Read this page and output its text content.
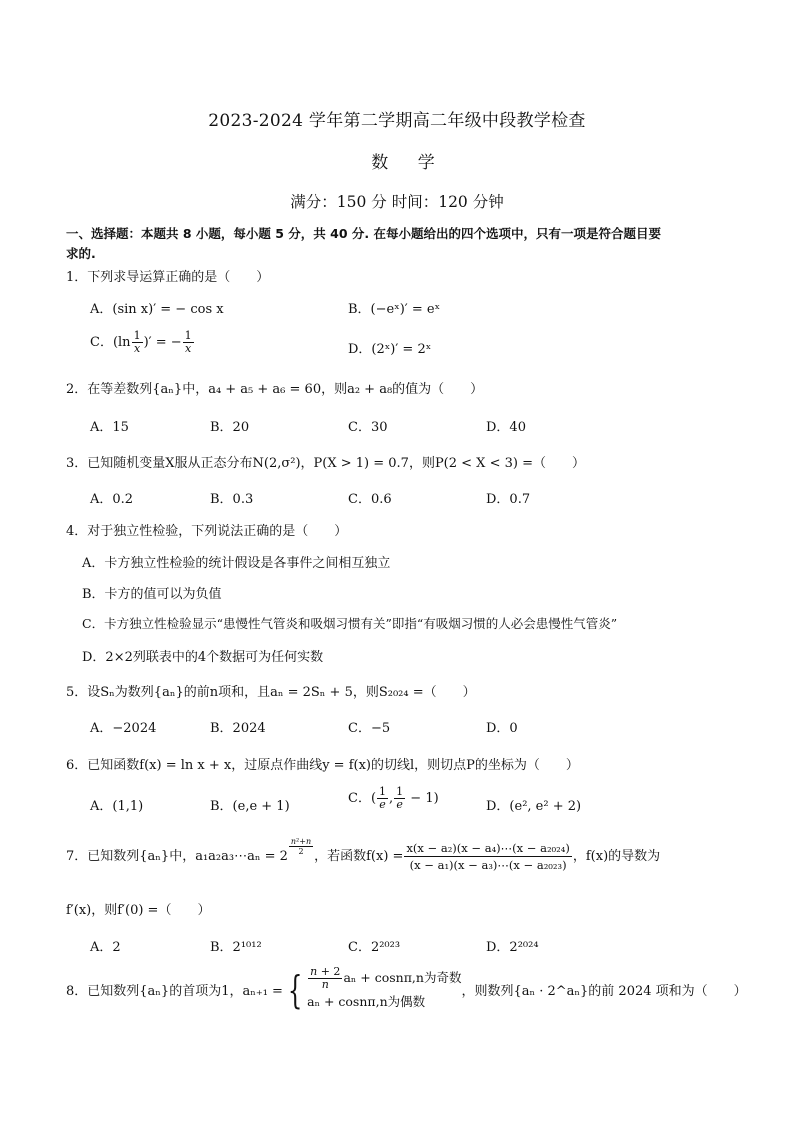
2023-2024 学年第二学期高二年级中段教学检查
数 学
满分：150 分 时间：120 分钟
一、选择题：本题共 8 小题，每小题 5 分，共 40 分. 在每小题给出的四个选项中，只有一项是符合题目要
求的.
1．下列求导运算正确的是（　　）
A．(sin x)′ = − cos x	B．(−eˣ)′ = eˣ
C．($\ln \frac{1}{x}$ )′ = − $\frac{1}{x}$	D．(2ˣ)′ = 2ˣ
2．在等差数列{aₙ}中，a₄ + a₅ + a₆ = 60，则a₂ + a₈的值为（　　）
A．15	B．20	C．30	D．40
3．已知随机变量X服从正态分布N(2,σ²)，P(X > 1) = 0.7，则P(2 < X < 3) =（　　）
A．0.2	B．0.3	C．0.6	D．0.7
4．对于独立性检验，下列说法正确的是（　　）
A．卡方独立性检验的统计假设是各事件之间相互独立
B．卡方的值可以为负值
C．卡方独立性检验显示“患慢性气管炎和吸烟习惯有关”即指“有吸烟习惯的人必会患慢性气管炎”
D．2×2列联表中的4个数据可为任何实数
5．设Sₙ为数列{aₙ}的前n项和，且aₙ = 2Sₙ + 5，则S₂₀₂₄ =（　　）
A．−2024	B．2024	C．−5	D．0
6．已知函数f(x) = ln x + x，过原点作曲线y = f(x)的切线l，则切点P的坐标为（　　）
A．(1,1)	B．(e,e + 1)
C．( $\frac{1}{e}$ , $\frac{1}{e} - 1$)
D．(e², e² + 2)
7．已知数列{aₙ}中，a₁a₂a₃⋯aₙ = 2
$^{\frac{\text{n²+n}}{2}}$
，若函数$f(x) = \frac{\text{x(x − a₂)(x − a₄)⋯(x − a₂₀₂₄)}}{\text{(x − a₁)(x − a₃)⋯(x − a₂₀₂₃)}}$ ，f(x)的导数为
f′(x)，则f′(0) =（　　）
A．2	B．2¹⁰¹²	C．2²⁰²³	D．2²⁰²⁴
8．已知数列{aₙ}的首项为1，aₙ₊₁ = { $\frac{n + 2}{n}$ aₙ + cosnπ,n为奇数
aₙ + cosnπ,n为偶数
，则数列{aₙ · 2^aₙ}的前 2024 项和为（　　）
